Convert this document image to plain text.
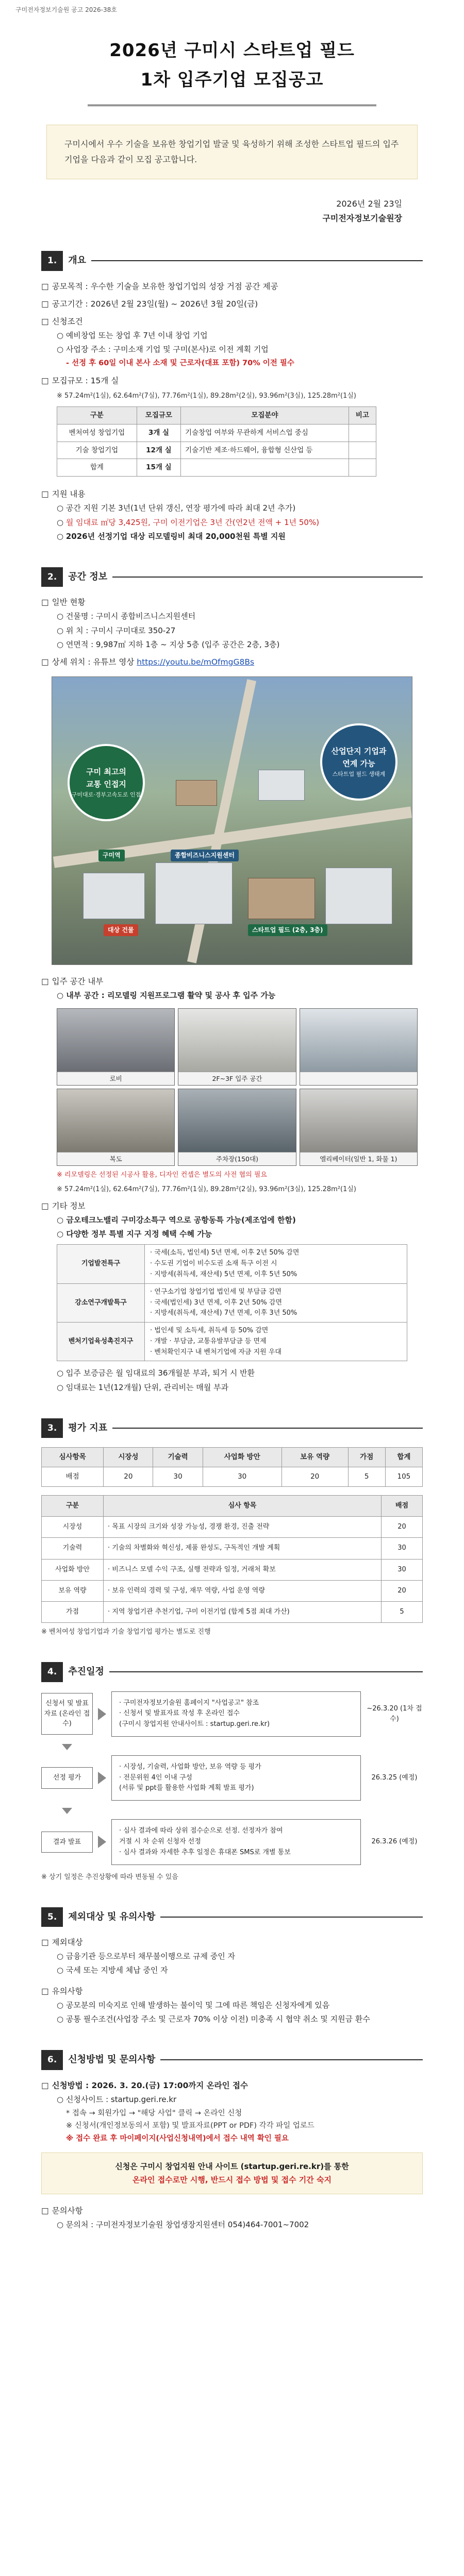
구미전자정보기술원 공고 2026-38호
2026년 구미시 스타트업 필드
1차 입주기업 모집공고
구미시에서 우수 기술을 보유한 창업기업 발굴 및 육성하기 위해 조성한 스타트업 필드의 입주기업을 다음과 같이 모집 공고합니다.
2026년 2월 23일
구미전자정보기술원장
1.	개요
□ 공모목적 : 우수한 기술을 보유한 창업기업의 성장 거점 공간 제공
□ 공고기간 : 2026년 2월 23일(월) ~ 2026년 3월 20일(금)
□ 신청조건
○ 예비창업 또는 창업 후 7년 이내 창업 기업
○ 사업장 주소 : 구미소재 기업 및 구미(본사)로 이전 계획 기업
- 선정 후 60일 이내 본사 소재 및 근로자(대표 포함) 70% 이전 필수
□ 모집규모 : 15개 실
※ 57.24m²(1실), 62.64m²(7실), 77.76m²(1실), 89.28m²(2실), 93.96m²(3실), 125.28m²(1실)
구분	모집규모	모집분야	비고
벤처여성 창업기업	3개 실	기술창업 여부와 무관하게 서비스업 중심	
기술 창업기업	12개 실	기술기반 제조·하드웨어, 융합형 신산업 등	
합계	15개 실		
□ 지원 내용
○ 공간 지원 기본 3년(1년 단위 갱신, 연장 평가에 따라 최대 2년 추가)
○ 월 임대료 ㎡당 3,425원, 구미 이전기업은 3년 간(연2년 전액 + 1년 50%)
○ 2026년 선정기업 대상 리모델링비 최대 20,000천원 특별 지원
2.	공간 정보
□ 일반 현황
○ 건물명 : 구미시 종합비즈니스지원센터
○ 위 치 : 구미시 구미대로 350-27
○ 연면적 : 9,987㎡ 지하 1층 ~ 지상 5층 (입주 공간은 2층, 3층)
□ 상세 위치 : 유튜브 영상 https://youtu.be/mOfmgG8Bs
구미 최고의
교통 인접지
구미대로·경부고속도로 인접
산업단지 기업과
연계 가능
스타트업 필드 생태계
구미역	종합비즈니스지원센터
대상 건물	스타트업 필드 (2층, 3층)
□ 입주 공간 내부
○ 내부 공간 : 리모델링 지원프로그램 활약 및 공사 후 입주 가능
로비	2F~3F 입주 공간
복도	주차장(150대)	엘리베이터(일반 1, 화물 1)
※ 리모델링은 선정된 시공사 활용, 디자인 컨셉은 별도의 사전 협의 필요
※ 57.24m²(1실), 62.64m²(7실), 77.76m²(1실), 89.28m²(2실), 93.96m²(3실), 125.28m²(1실)
□ 기타 정보
○ 금오테크노밸리 구미강소특구 역으로 공항동특 가능(제조업에 한함)
○ 다양한 정부 특별 지구 지정 혜택 수혜 가능
기업발전특구	· 국세(소득, 법인세) 5년 면제, 이후 2년 50% 감면
· 수도권 기업이 비수도권 소재 특구 이전 시
· 지방세(취득세, 재산세) 5년 면제, 이후 5년 50%

강소연구개발특구	· 연구소기업 창업기업 법인세 및 부담금 감면
· 국세(법인세) 3년 면제, 이후 2년 50% 감면
· 지방세(취득세, 재산세) 7년 면제, 이후 3년 50%

벤처기업육성촉진지구	· 법인세 및 소득세, 취득세 등 50% 감면
· 개발 · 부담금, 교통유발부담금 등 면제
· 벤처확인지구 내 벤처기업에 자금 지원 우대
○ 입주 보증금은 월 임대료의 36개월분 부과, 퇴거 시 반환
○ 임대료는 1년(12개월) 단위, 관리비는 매월 부과
3.	평가 지표
심사항목	시장성	기술력	사업화 방안	보유 역량	가점	합계
배점	20	30	30	20	5	105
구분	심사 항목	배점
시장성	· 목표 시장의 크기와 성장 가능성, 경쟁 환경, 진출 전략	20
기술력	· 기술의 차별화와 혁신성, 제품 완성도, 구독적인 개발 계획	30
사업화 방안	· 비즈니스 모델 수익 구조, 실행 전략과 일정, 거래처 확보	30
보유 역량	· 보유 인력의 경력 및 구성, 재무 역량, 사업 운영 역량	20
가점	· 지역 창업기관 추천기업, 구미 이전기업 (합계 5점 최대 가산)	5
※ 벤처여성 창업기업과 기술 창업기업 평가는 별도로 진행
4.	추진일정
신청서 및 발표자료 (온라인 접수)
· 구미전자정보기술원 홈페이지 "사업공고" 참조
· 신청서 및 발표자료 작성 후 온라인 접수
(구미시 창업지원 안내사이트 : startup.geri.re.kr)
~26.3.20 (1차 접수)
선정 평가
· 시장성, 기술력, 사업화 방안, 보유 역량 등 평가
· 전문위원 4인 이내 구성
(서류 및 ppt를 활용한 사업화 계획 발표 평가)
26.3.25 (예정)
결과 발표
· 심사 결과에 따라 상위 점수순으로 선정. 선정자가 참여
거절 시 차 순위 신청자 선정
· 심사 결과와 자세한 추후 일정은 휴대폰 SMS로 개별 통보
26.3.26 (예정)
※ 상기 일정은 추진상황에 따라 변동될 수 있음
5.	제외대상 및 유의사항
□ 제외대상
○ 금융기관 등으로부터 채무불이행으로 규제 중인 자
○ 국세 또는 지방세 체납 중인 자
□ 유의사항
○ 공모분의 미숙지로 인해 발생하는 불이익 및 그에 따른 책임은 신청자에게 있음
○ 공통 필수조건(사업장 주소 및 근로자 70% 이상 이전) 미충족 시 협약 취소 및 지원금 환수
6.	신청방법 및 문의사항
□ 신청방법 : 2026. 3. 20.(금) 17:00까지 온라인 접수
○ 신청사이트 : startup.geri.re.kr
* 접속 → 회원가입 → "해당 사업" 클릭 → 온라인 신청
※ 신청서(개인정보동의서 포함) 및 발표자료(PPT or PDF) 각각 파일 업로드
※ 접수 완료 후 마이페이지(사업신청내역)에서 접수 내역 확인 필요
신청은 구미시 창업지원 안내 사이트 (startup.geri.re.kr)를 통한
온라인 접수로만 시행, 반드시 접수 방법 및 접수 기간 숙지
□ 문의사항
○ 문의처 : 구미전자정보기술원 창업생장지원센터 054)464-7001~7002
